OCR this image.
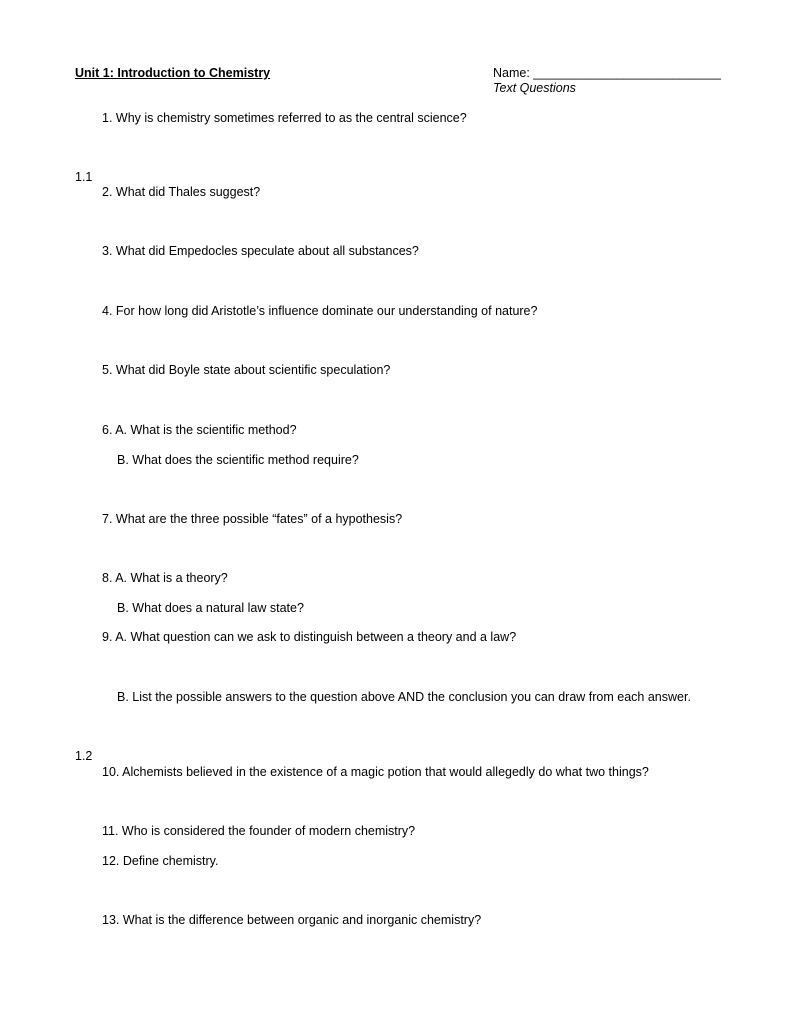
Unit 1: Introduction to Chemistry	Name: ___________________________
Text Questions
1. Why is chemistry sometimes referred to as the central science?
1.1
2. What did Thales suggest?
3. What did Empedocles speculate about all substances?
4. For how long did Aristotle’s influence dominate our understanding of nature?
5. What did Boyle state about scientific speculation?
6. A. What is the scientific method?
B. What does the scientific method require?
7. What are the three possible “fates” of a hypothesis?
8. A. What is a theory?
B. What does a natural law state?
9. A. What question can we ask to distinguish between a theory and a law?
B. List the possible answers to the question above AND the conclusion you can draw from each answer.
1.2
10. Alchemists believed in the existence of a magic potion that would allegedly do what two things?
11. Who is considered the founder of modern chemistry?
12. Define chemistry.
13. What is the difference between organic and inorganic chemistry?
